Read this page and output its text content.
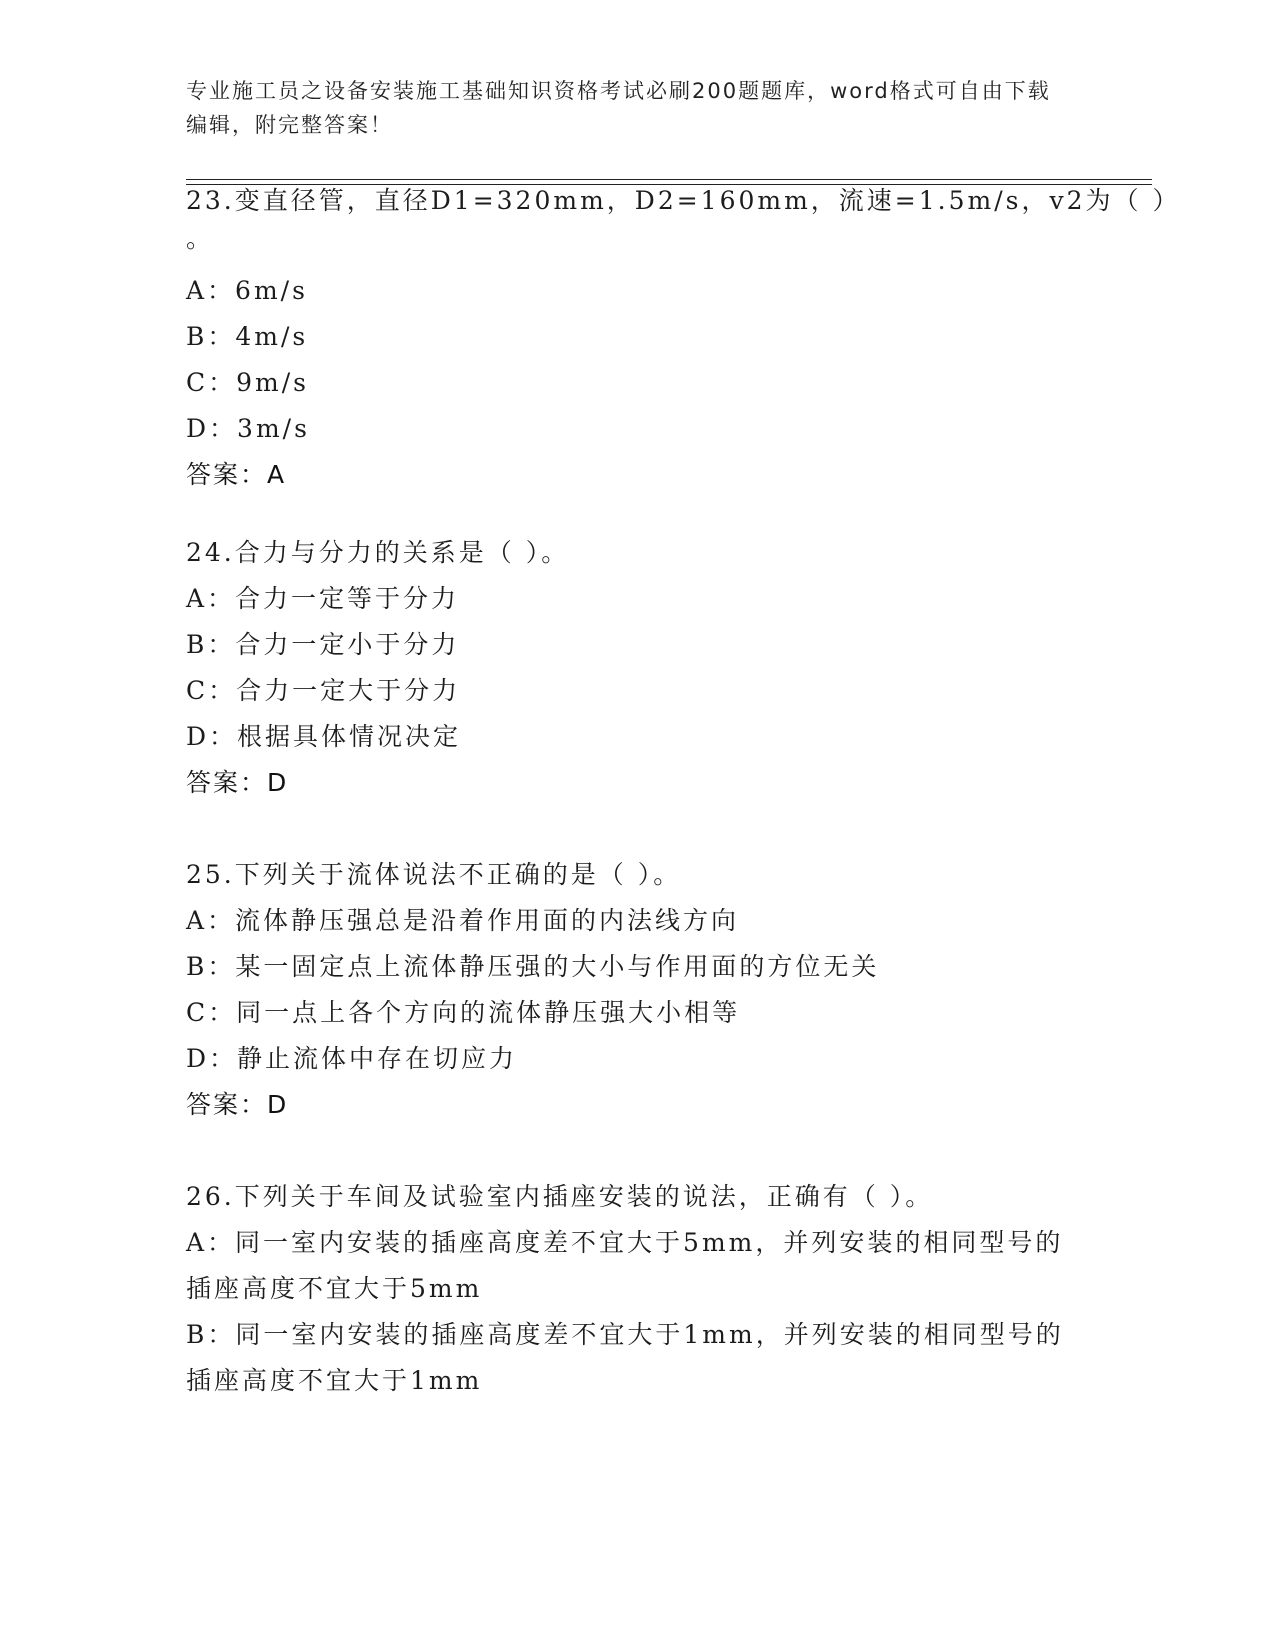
专业施工员之设备安装施工基础知识资格考试必刷200题题库，word格式可自由下载编辑，附完整答案！
23.变直径管，直径D1=320mm，D2=160mm，流速=1.5m/s，v2为（ ）
。
A：6m/s
B：4m/s
C：9m/s
D：3m/s
答案：A
24.合力与分力的关系是（ ）。
A：合力一定等于分力
B：合力一定小于分力
C：合力一定大于分力
D：根据具体情况决定
答案：D
25.下列关于流体说法不正确的是（ ）。
A：流体静压强总是沿着作用面的内法线方向
B：某一固定点上流体静压强的大小与作用面的方位无关
C：同一点上各个方向的流体静压强大小相等
D：静止流体中存在切应力
答案：D
26.下列关于车间及试验室内插座安装的说法，正确有（ ）。
A：同一室内安装的插座高度差不宜大于5mm，并列安装的相同型号的插座高度不宜大于5mm
B：同一室内安装的插座高度差不宜大于1mm，并列安装的相同型号的插座高度不宜大于1mm
